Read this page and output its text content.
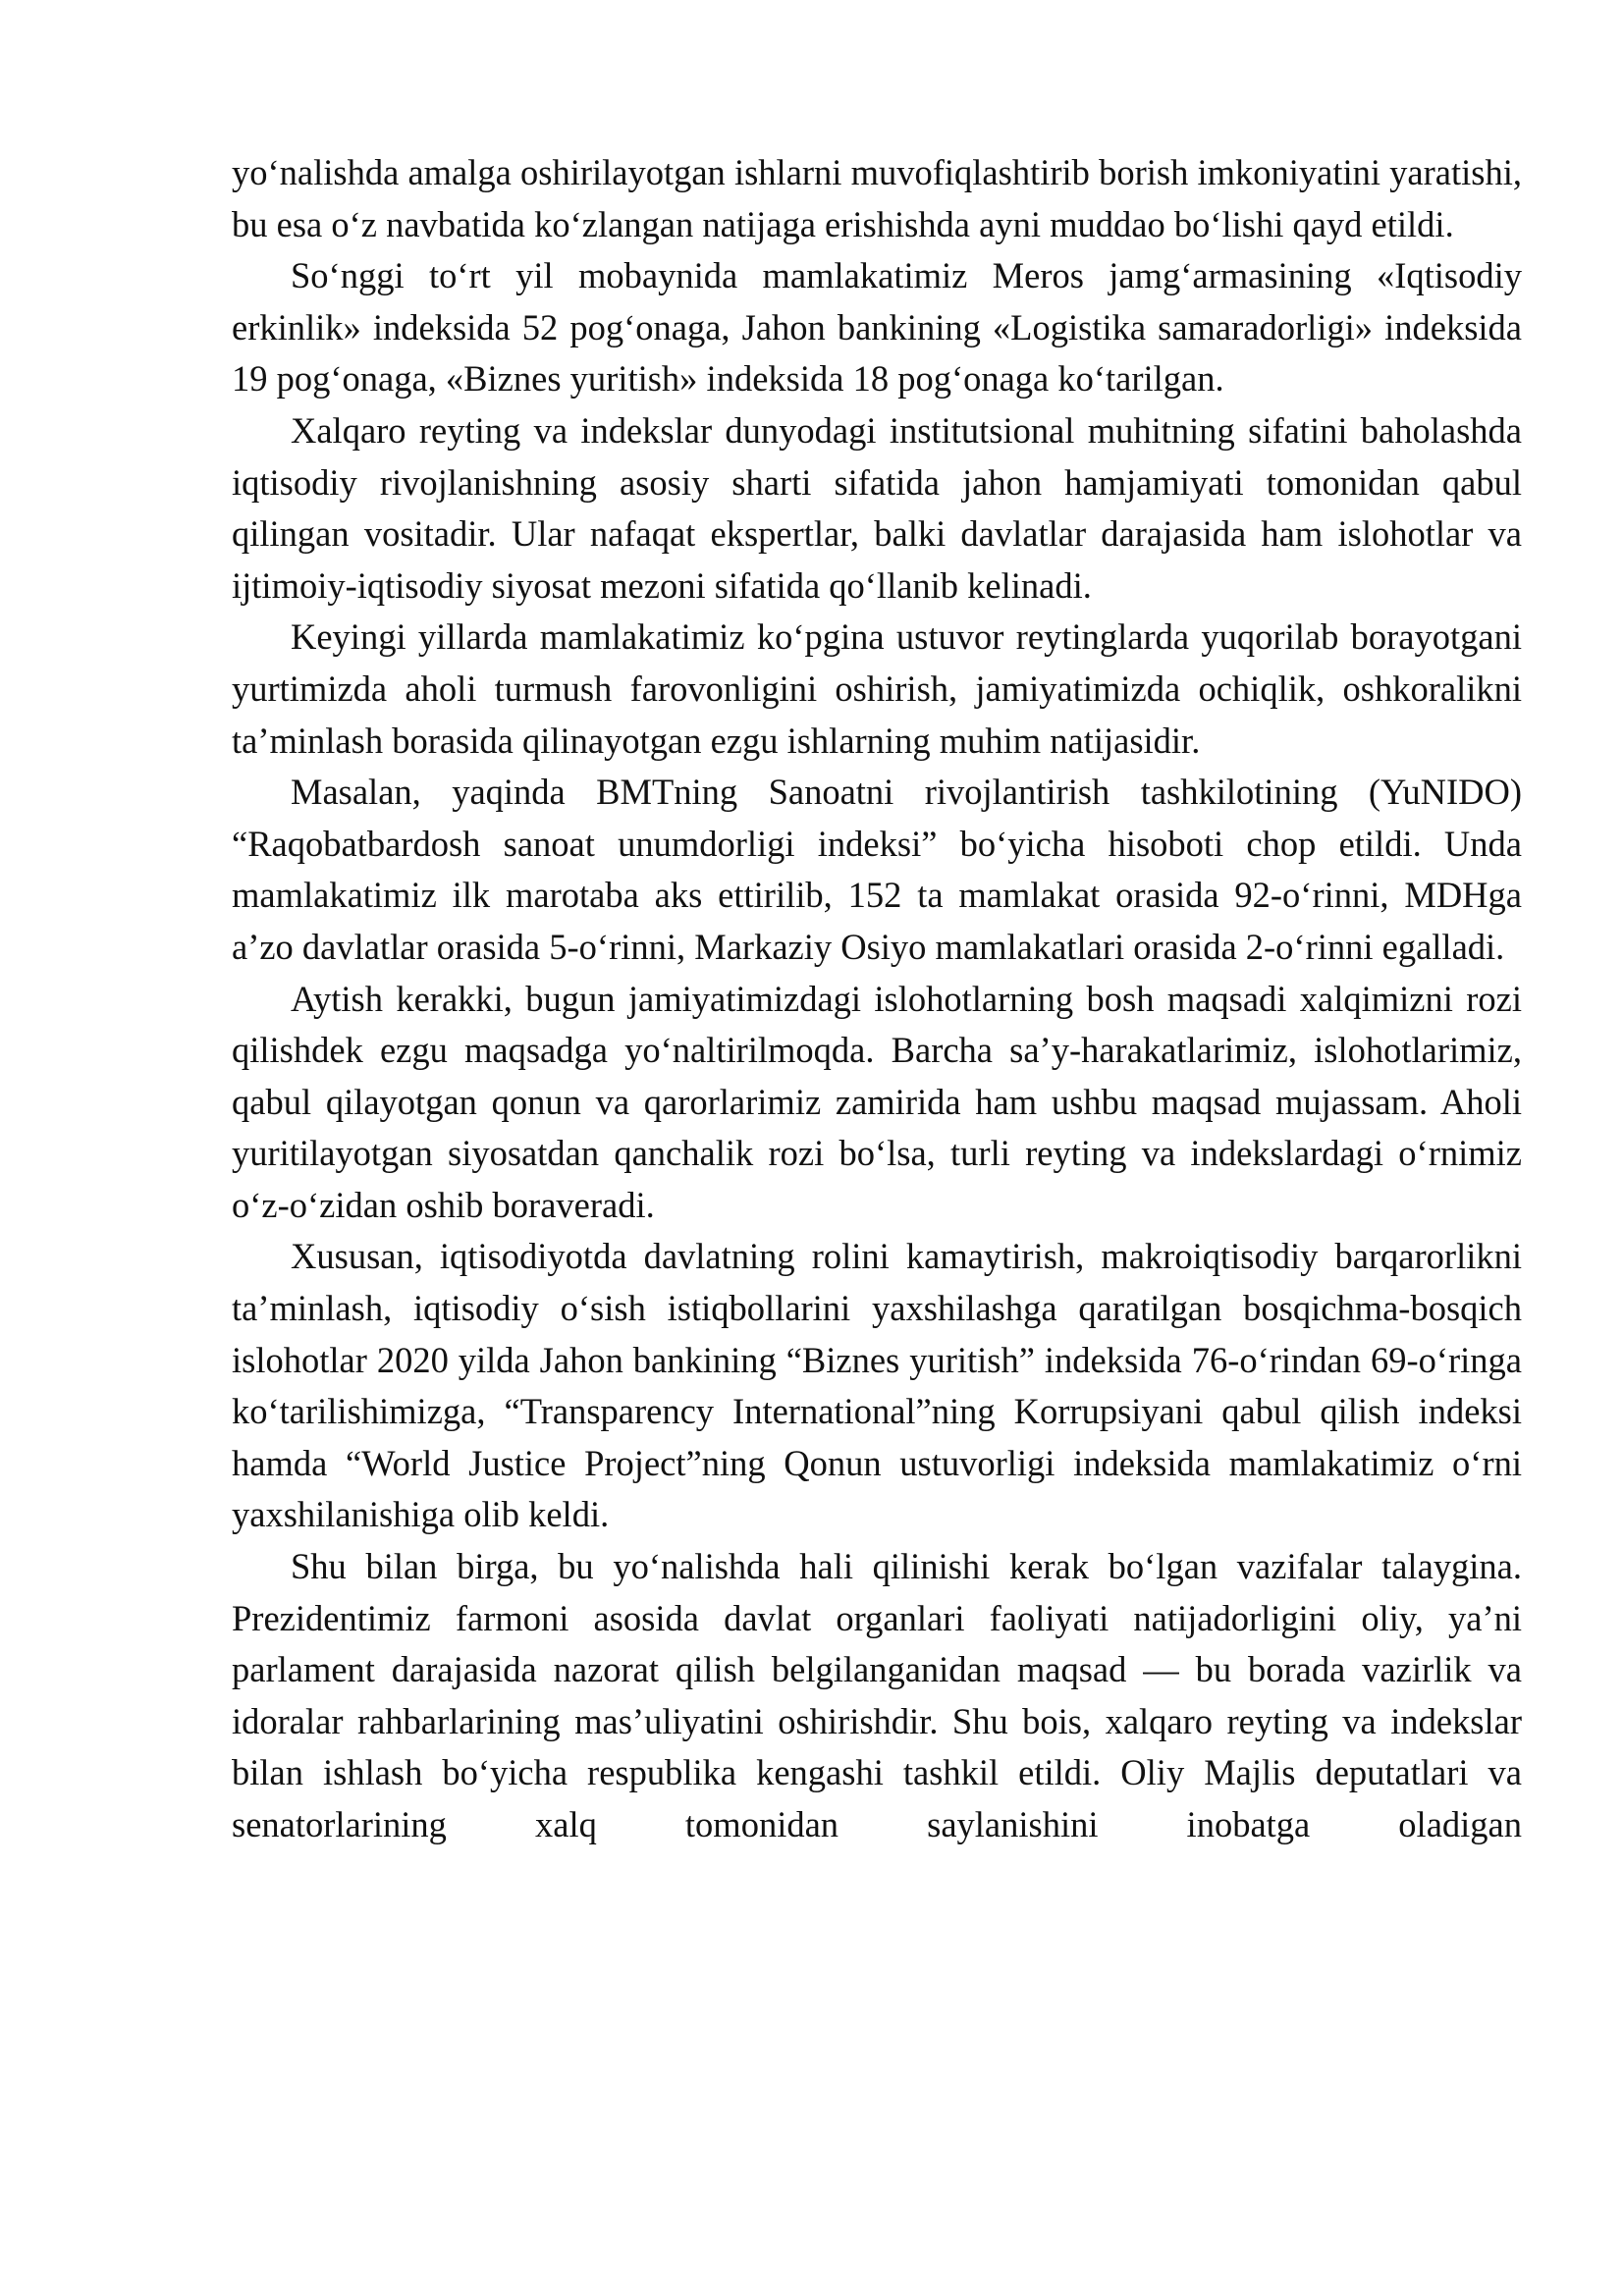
yo‘nalishda amalga oshirilayotgan ishlarni muvofiqlashtirib borish imkoniyatini yaratishi, bu esa o‘z navbatida ko‘zlangan natijaga erishishda ayni muddao bo‘lishi qayd etildi.

So‘nggi to‘rt yil mobaynida mamlakatimiz Meros jamg‘armasining «Iqtisodiy erkinlik» indeksida 52 pog‘onaga, Jahon bankining «Logistika samaradorligi» indeksida 19 pog‘onaga, «Biznes yuritish» indeksida 18 pog‘onaga ko‘tarilgan.

Xalqaro reyting va indekslar dunyodagi institutsional muhitning sifatini baholashda iqtisodiy rivojlanishning asosiy sharti sifatida jahon hamjamiyati tomonidan qabul qilingan vositadir. Ular nafaqat ekspertlar, balki davlatlar darajasida ham islohotlar va ijtimoiy-iqtisodiy siyosat mezoni sifatida qo‘llanib kelinadi.

Keyingi yillarda mamlakatimiz ko‘pgina ustuvor reytinglarda yuqorilab borayotgani yurtimizda aholi turmush farovonligini oshirish, jamiyatimizda ochiqlik, oshkoralikni ta’minlash borasida qilinayotgan ezgu ishlarning muhim natijasidir.

Masalan, yaqinda BMTning Sanoatni rivojlantirish tashkilotining (YuNIDO) “Raqobatbardosh sanoat unumdorligi indeksi” bo‘yicha hisoboti chop etildi. Unda mamlakatimiz ilk marotaba aks ettirilib, 152 ta mamlakat orasida 92-o‘rinni, MDHga a’zo davlatlar orasida 5-o‘rinni, Markaziy Osiyo mamlakatlari orasida 2-o‘rinni egalladi.

Aytish kerakki, bugun jamiyatimizdagi islohotlarning bosh maqsadi xalqimizni rozi qilishdek ezgu maqsadga yo‘naltirilmoqda. Barcha sa’y-harakatlarimiz, islohotlarimiz, qabul qilayotgan qonun va qarorlarimiz zamirida ham ushbu maqsad mujassam. Aholi yuritilayotgan siyosatdan qanchalik rozi bo‘lsa, turli reyting va indekslardagi o‘rnimiz o‘z-o‘zidan oshib boraveradi.

Xususan, iqtisodiyotda davlatning rolini kamaytirish, makroiqtisodiy barqarorlikni ta’minlash, iqtisodiy o‘sish istiqbollarini yaxshilashga qaratilgan bosqichma-bosqich islohotlar 2020 yilda Jahon bankining “Biznes yuritish” indeksida 76-o‘rindan 69-o‘ringa ko‘tarilishimizga, “Transparency International”ning Korrupsiyani qabul qilish indeksi hamda “World Justice Project”ning Qonun ustuvorligi indeksida mamlakatimiz o‘rni yaxshilanishiga olib keldi.

Shu bilan birga, bu yo‘nalishda hali qilinishi kerak bo‘lgan vazifalar talaygina. Prezidentimiz farmoni asosida davlat organlari faoliyati natijadorligini oliy, ya’ni parlament darajasida nazorat qilish belgilanganidan maqsad — bu borada vazirlik va idoralar rahbarlarining mas’uliyatini oshirishdir. Shu bois, xalqaro reyting va indekslar bilan ishlash bo‘yicha respublika kengashi tashkil etildi. Oliy Majlis deputatlari va senatorlarining xalq tomonidan saylanishini inobatga oladigan
